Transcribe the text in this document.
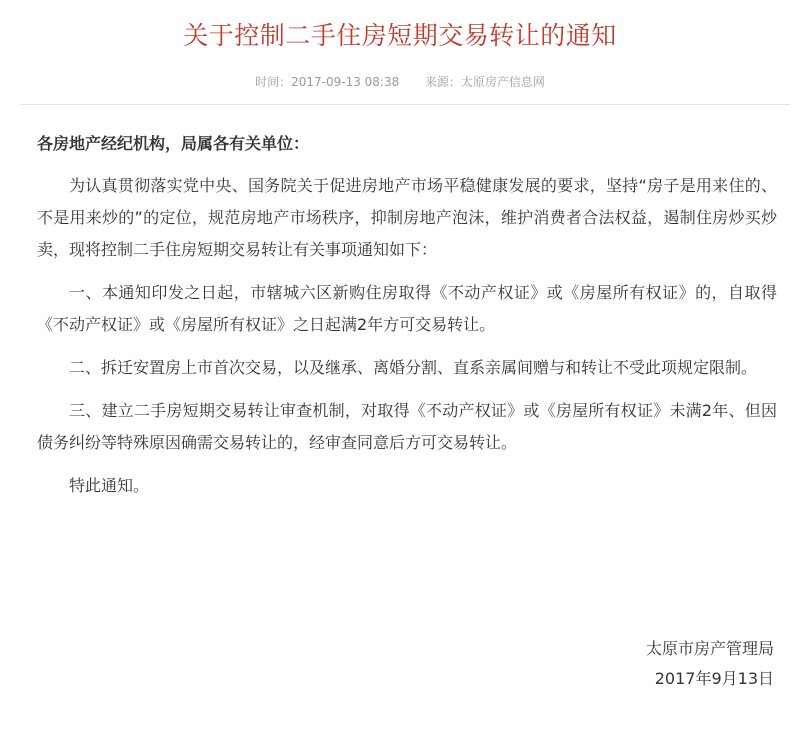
关于控制二手住房短期交易转让的通知
时间：2017-09-13 08:38 来源：太原房产信息网

各房地产经纪机构，局属各有关单位：

为认真贯彻落实党中央、国务院关于促进房地产市场平稳健康发展的要求，坚持“房子是用来住的、不是用来炒的”的定位，规范房地产市场秩序，抑制房地产泡沫，维护消费者合法权益，遏制住房炒买炒卖，现将控制二手住房短期交易转让有关事项通知如下：

一、本通知印发之日起，市辖城六区新购住房取得《不动产权证》或《房屋所有权证》的，自取得《不动产权证》或《房屋所有权证》之日起满2年方可交易转让。

二、拆迁安置房上市首次交易，以及继承、离婚分割、直系亲属间赠与和转让不受此项规定限制。

三、建立二手房短期交易转让审查机制，对取得《不动产权证》或《房屋所有权证》未满2年、但因债务纠纷等特殊原因确需交易转让的，经审查同意后方可交易转让。

特此通知。

太原市房产管理局
2017年9月13日
